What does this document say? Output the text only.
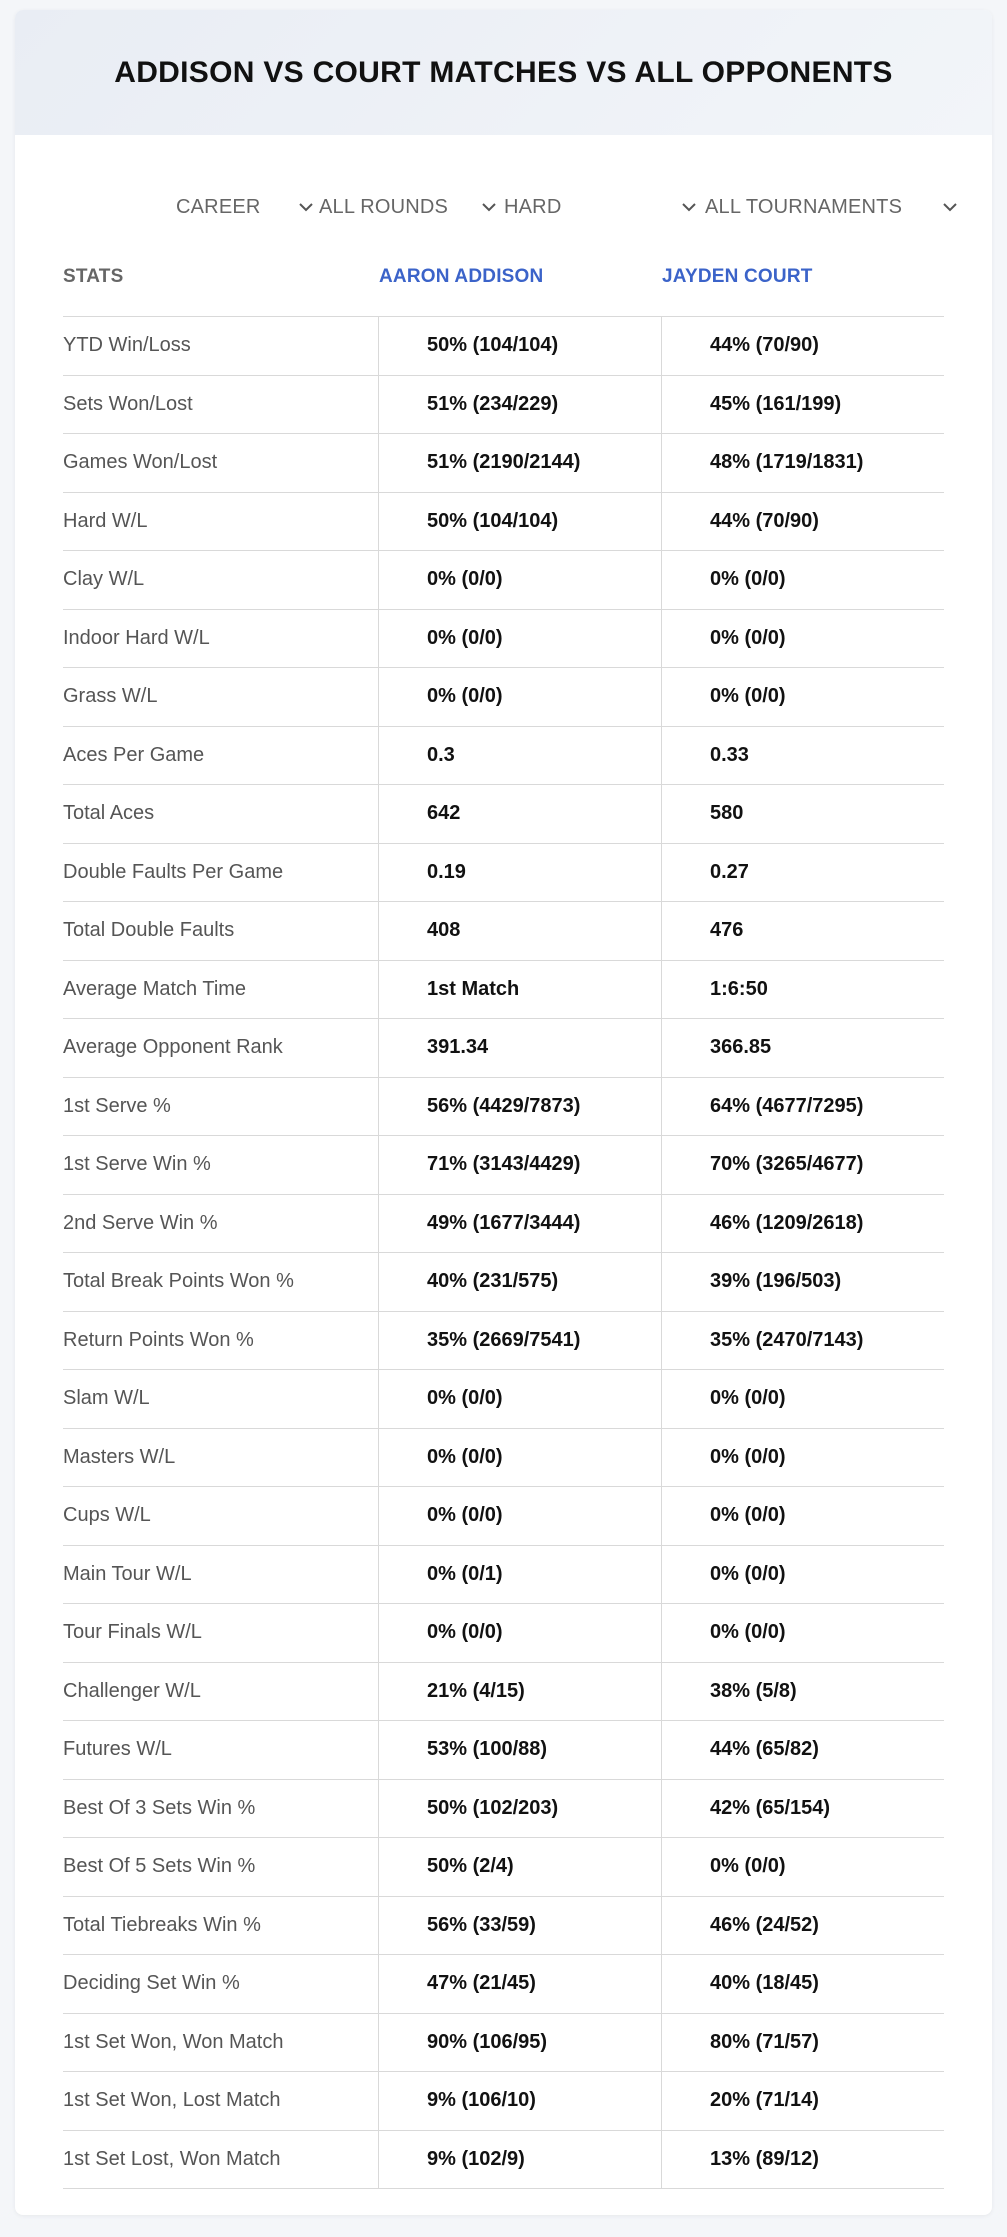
ADDISON VS COURT MATCHES VS ALL OPPONENTS
CAREER	ALL ROUNDS	HARD	ALL TOURNAMENTS
STATS	AARON ADDISON	JAYDEN COURT
YTD Win/Loss	50% (104/104)	44% (70/90)
Sets Won/Lost	51% (234/229)	45% (161/199)
Games Won/Lost	51% (2190/2144)	48% (1719/1831)
Hard W/L	50% (104/104)	44% (70/90)
Clay W/L	0% (0/0)	0% (0/0)
Indoor Hard W/L	0% (0/0)	0% (0/0)
Grass W/L	0% (0/0)	0% (0/0)
Aces Per Game	0.3	0.33
Total Aces	642	580
Double Faults Per Game	0.19	0.27
Total Double Faults	408	476
Average Match Time	1st Match	1:6:50
Average Opponent Rank	391.34	366.85
1st Serve %	56% (4429/7873)	64% (4677/7295)
1st Serve Win %	71% (3143/4429)	70% (3265/4677)
2nd Serve Win %	49% (1677/3444)	46% (1209/2618)
Total Break Points Won %	40% (231/575)	39% (196/503)
Return Points Won %	35% (2669/7541)	35% (2470/7143)
Slam W/L	0% (0/0)	0% (0/0)
Masters W/L	0% (0/0)	0% (0/0)
Cups W/L	0% (0/0)	0% (0/0)
Main Tour W/L	0% (0/1)	0% (0/0)
Tour Finals W/L	0% (0/0)	0% (0/0)
Challenger W/L	21% (4/15)	38% (5/8)
Futures W/L	53% (100/88)	44% (65/82)
Best Of 3 Sets Win %	50% (102/203)	42% (65/154)
Best Of 5 Sets Win %	50% (2/4)	0% (0/0)
Total Tiebreaks Win %	56% (33/59)	46% (24/52)
Deciding Set Win %	47% (21/45)	40% (18/45)
1st Set Won, Won Match	90% (106/95)	80% (71/57)
1st Set Won, Lost Match	9% (106/10)	20% (71/14)
1st Set Lost, Won Match	9% (102/9)	13% (89/12)
